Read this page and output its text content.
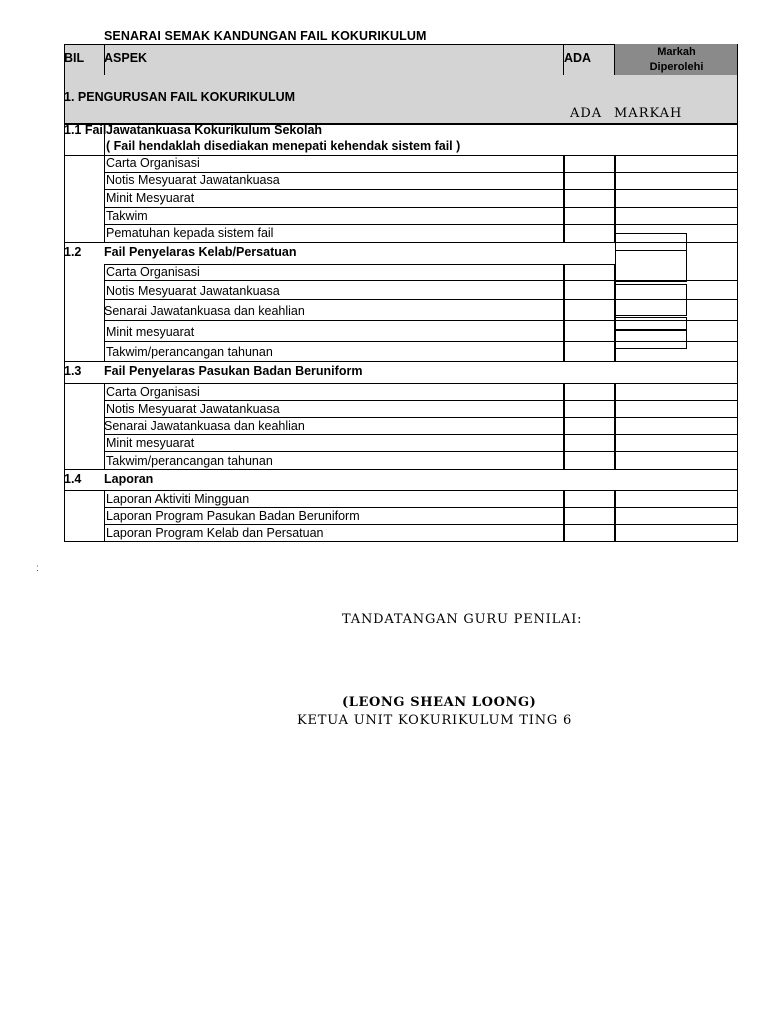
SENARAI SEMAK KANDUNGAN FAIL KOKURIKULUM
BIL ASPEK	ADA	Markah
Diperolehi
1. PENGURUSAN FAIL KOKURIKULUM
ADA MARKAH
1.1 Fail Jawatankuasa Kokurikulum Sekolah
( Fail hendaklah disediakan menepati kehendak sistem fail )
Carta Organisasi
Notis Mesyuarat Jawatankuasa
Minit Mesyuarat
Takwim
Pematuhan kepada sistem fail
1.2 Fail Penyelaras Kelab/Persatuan
Carta Organisasi
Notis Mesyuarat Jawatankuasa
Senarai Jawatankuasa dan keahlian
Minit mesyuarat
Takwim/perancangan tahunan
1.3 Fail Penyelaras Pasukan Badan Beruniform
Carta Organisasi
Notis Mesyuarat Jawatankuasa
Senarai Jawatankuasa dan keahlian
Minit mesyuarat
Takwim/perancangan tahunan
1.4 Laporan
Laporan Aktiviti Mingguan
Laporan Program Pasukan Badan Beruniform
Laporan Program Kelab dan Persatuan
:
TANDATANGAN GURU PENILAI:
(LEONG SHEAN LOONG)
KETUA UNIT KOKURIKULUM TING 6
